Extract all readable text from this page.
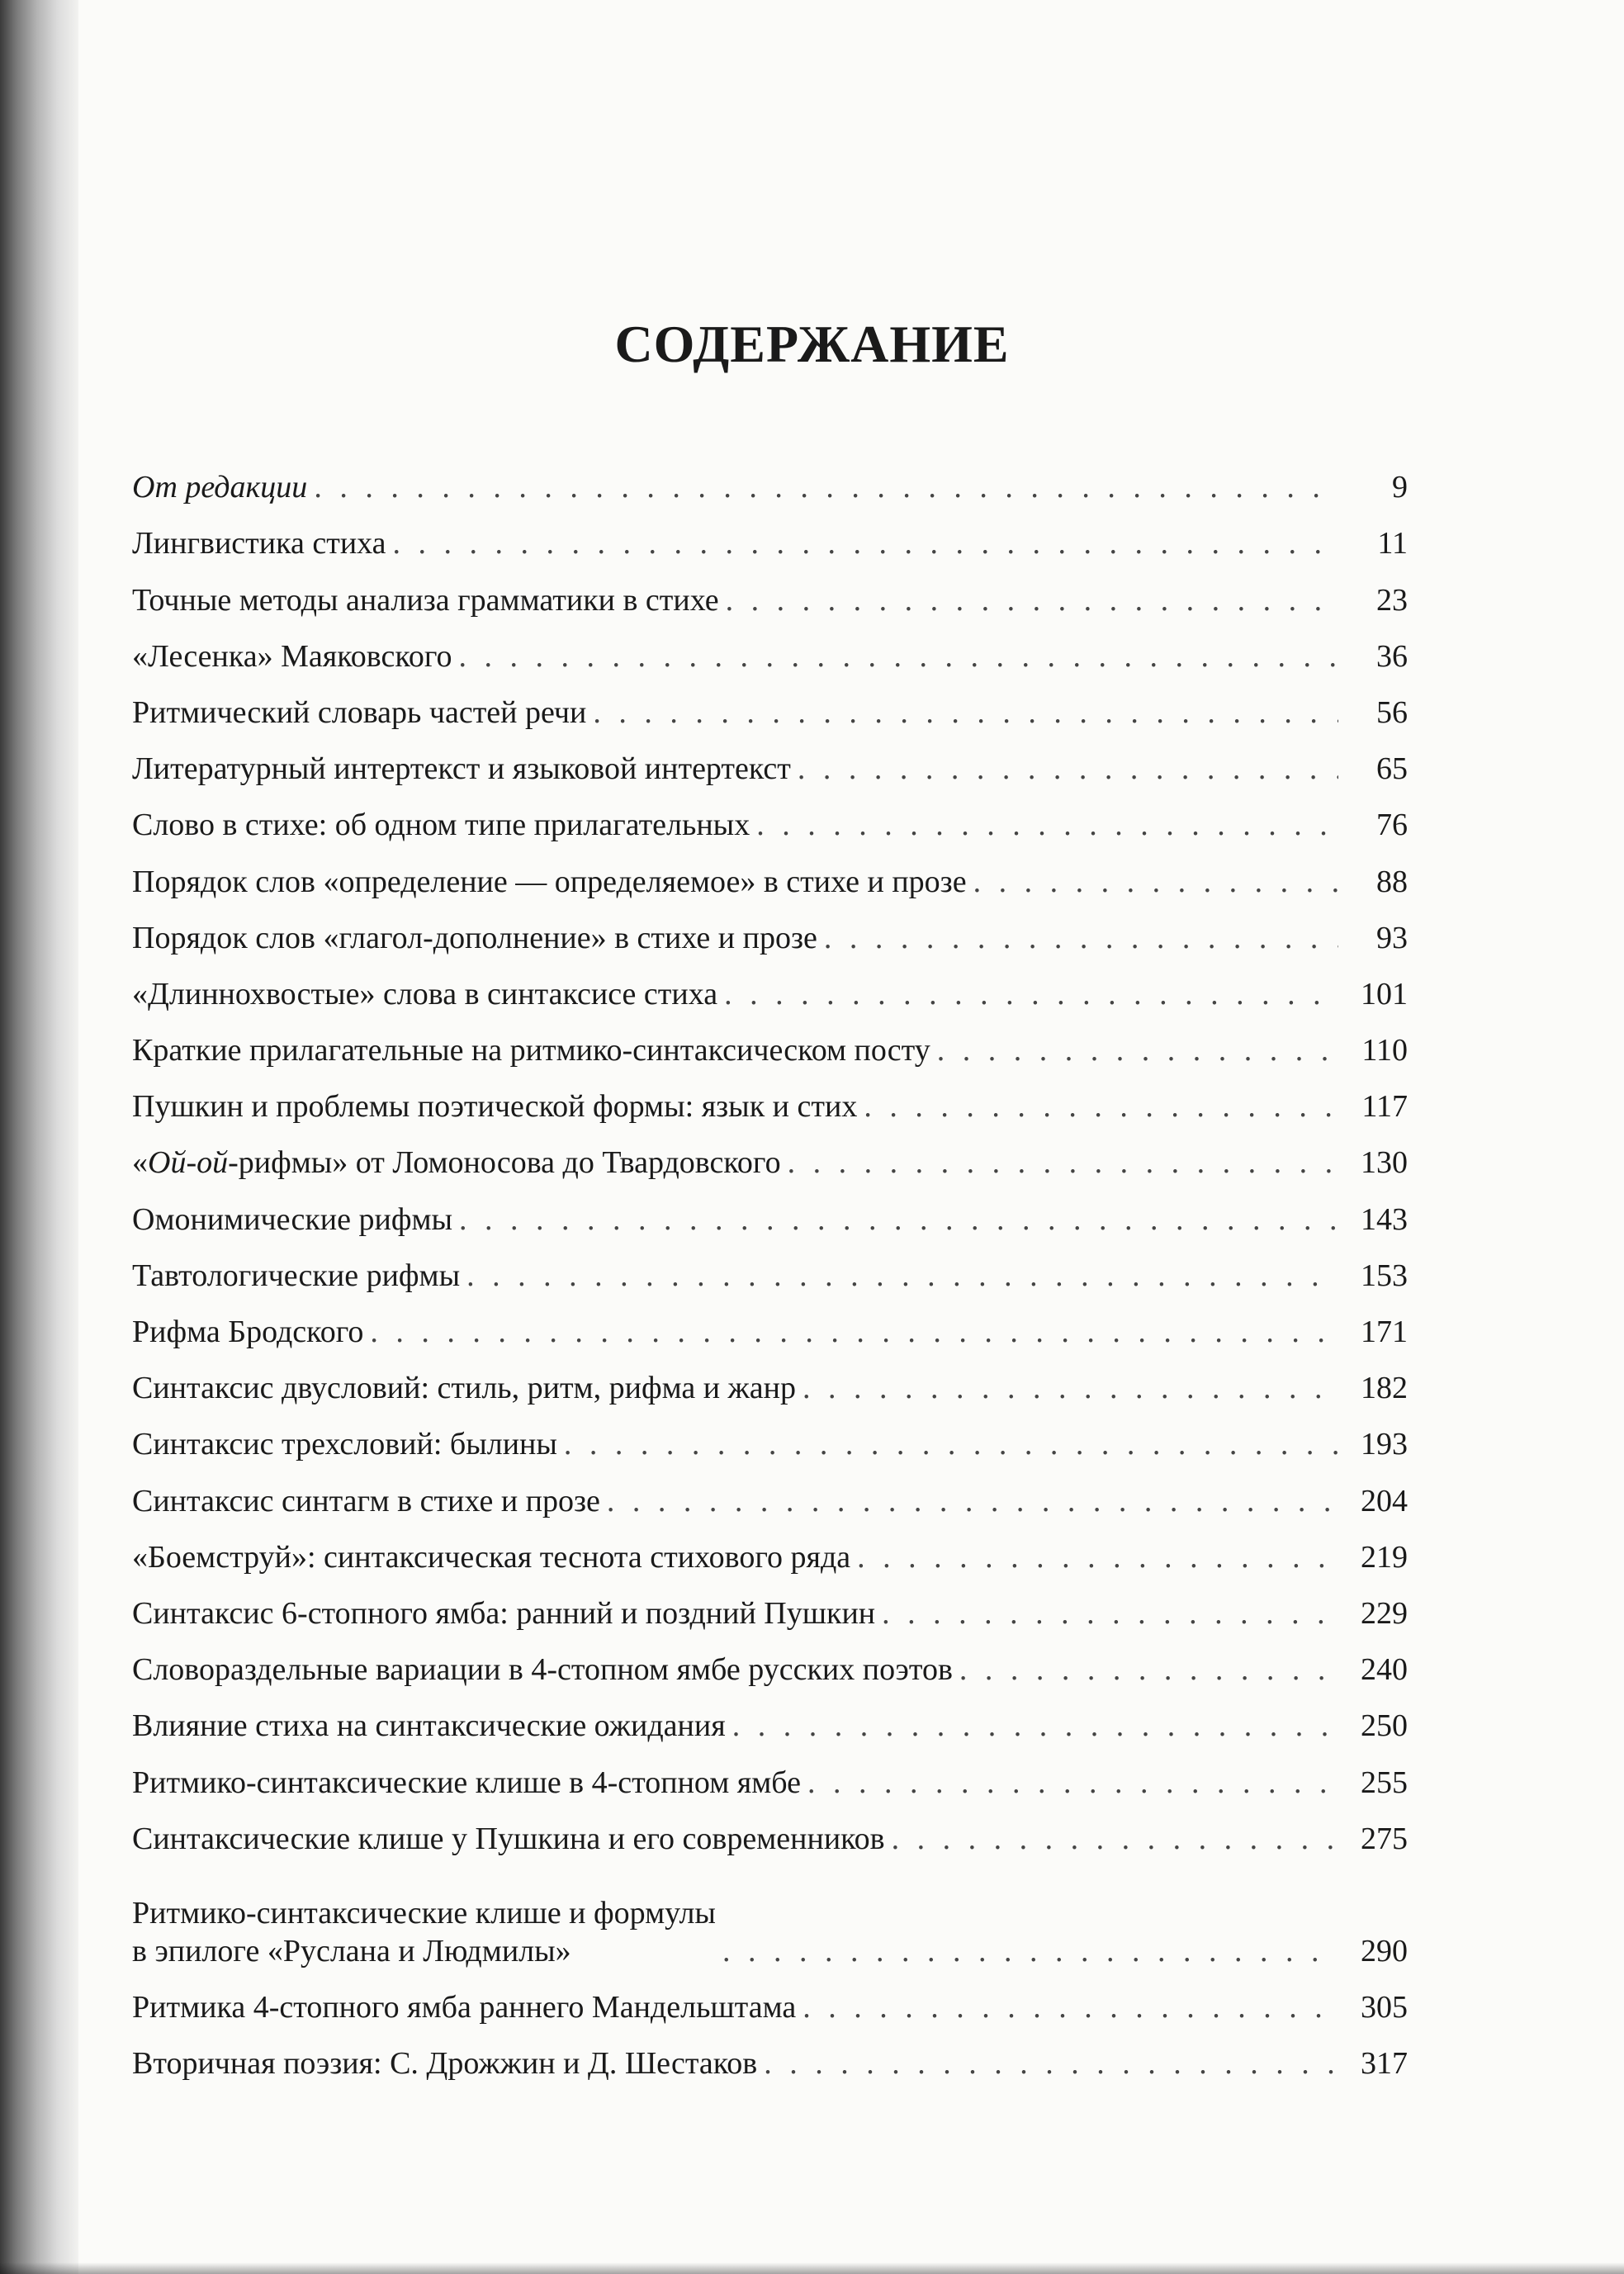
СОДЕРЖАНИЕ
От редакции . . .	9
Лингвистика стиха . . .	11
Точные методы анализа грамматики в стихе . . .	23
«Лесенка» Маяковского . . .	36
Ритмический словарь частей речи . . .	56
Литературный интертекст и языковой интертекст . . .	65
Слово в стихе: об одном типе прилагательных . . .	76
Порядок слов «определение — определяемое» в стихе и прозе . . .	88
Порядок слов «глагол-дополнение» в стихе и прозе . . .	93
«Длиннохвостые» слова в синтаксисе стиха . . .	101
Краткие прилагательные на ритмико-синтаксическом посту . . .	110
Пушкин и проблемы поэтической формы: язык и стих . . .	117
«Ой-ой-рифмы» от Ломоносова до Твардовского . . .	130
Омонимические рифмы . . .	143
Тавтологические рифмы . . .	153
Рифма Бродского . . .	171
Синтаксис двусловий: стиль, ритм, рифма и жанр . . .	182
Синтаксис трехсловий: былины . . .	193
Синтаксис синтагм в стихе и прозе . . .	204
«Боемструй»: синтаксическая теснота стихового ряда . . .	219
Синтаксис 6-стопного ямба: ранний и поздний Пушкин . . .	229
Словораздельные вариации в 4-стопном ямбе русских поэтов . . .	240
Влияние стиха на синтаксические ожидания . . .	250
Ритмико-синтаксические клише в 4-стопном ямбе . . .	255
Синтаксические клише у Пушкина и его современников . . .	275
Ритмико-синтаксические клише и формулы
в эпилоге «Руслана и Людмилы» . . .	290
Ритмика 4-стопного ямба раннего Мандельштама . . .	305
Вторичная поэзия: С. Дрожжин и Д. Шестаков . . .	317
